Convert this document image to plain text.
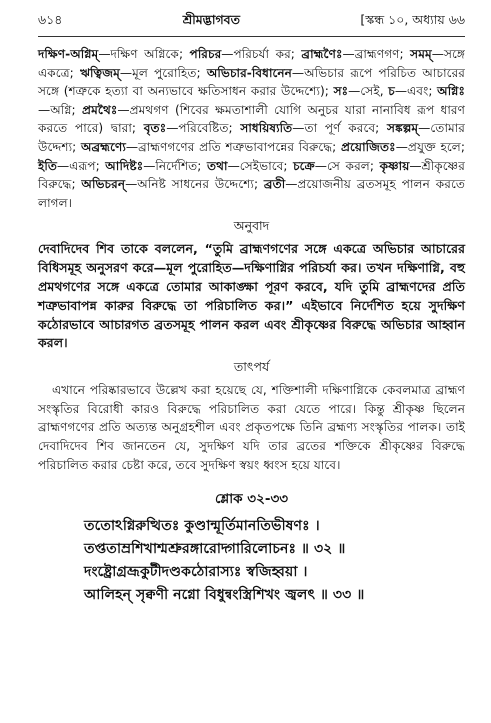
৬১৪	শ্রীমদ্ভাগবত	[স্কন্ধ ১০, অধ্যায় ৬৬
দক্ষিণ-অগ্নিম্—দক্ষিণ অগ্নিকে; পরিচর—পরিচর্যা কর; ব্রাহ্মণৈঃ—ব্রাহ্মণগণ; সমম্—সঙ্গে একত্রে; ঋত্বিজম্—মূল পুরোহিত; অভিচার-বিধানেন—অভিচার রূপে পরিচিত আচারের সঙ্গে (শত্রুকে হত্যা বা অন্যভাবে ক্ষতিসাধন করার উদ্দেশ্যে); সঃ—সেই, চ—এবং; অগ্নিঃ—অগ্নি; প্রমথৈঃ—প্রমথগণ (শিবের ক্ষমতাশালী যোগি অনুচর যারা নানাবিধ রূপ ধারণ করতে পারে) দ্বারা; বৃতঃ—পরিবেষ্টিত; সাধয়িষ্যতি—তা পূর্ণ করবে; সঙ্কল্পম্—তোমার উদ্দেশ্য; অব্রহ্মণ্যে—ব্রাহ্মণগণের প্রতি শত্রুভাবাপন্নের বিরুদ্ধে; প্রয়োজিতঃ—প্রযুক্ত হলে; ইতি—এরূপ; আদিষ্টঃ—নির্দেশিত; তথা—সেইভাবে; চক্রে—সে করল; কৃষ্ণায়—শ্রীকৃষ্ণের বিরুদ্ধে; অভিচরন্—অনিষ্ট সাধনের উদ্দেশ্যে; ব্রতী—প্রয়োজনীয় ব্রতসমূহ পালন করতে লাগল।
অনুবাদ
দেবাদিদেব শিব তাকে বললেন, “তুমি ব্রাহ্মণগণের সঙ্গে একত্রে অভিচার আচারের বিধিসমূহ অনুসরণ করে—মূল পুরোহিত—দক্ষিণাগ্নির পরিচর্যা কর। তখন দক্ষিণাগ্নি, বহু প্রমথগণের সঙ্গে একত্রে তোমার আকাঙ্ক্ষা পূরণ করবে, যদি তুমি ব্রাহ্মণদের প্রতি শত্রুভাবাপন্ন কারুর বিরুদ্ধে তা পরিচালিত কর।” এইভাবে নির্দেশিত হয়ে সুদক্ষিণ কঠোরভাবে আচারগত ব্রতসমূহ পালন করল এবং শ্রীকৃষ্ণের বিরুদ্ধে অভিচার আহ্বান করল।
তাৎপর্য
এখানে পরিষ্কারভাবে উল্লেখ করা হয়েছে যে, শক্তিশালী দক্ষিণাগ্নিকে কেবলমাত্র ব্রাহ্মণ সংস্কৃতির বিরোধী কারও বিরুদ্ধে পরিচালিত করা যেতে পারে। কিন্তু শ্রীকৃষ্ণ ছিলেন ব্রাহ্মণগণের প্রতি অত্যন্ত অনুগ্রহশীল এবং প্রকৃতপক্ষে তিনি ব্রহ্মণ্য সংস্কৃতির পালক। তাই দেবাদিদেব শিব জানতেন যে, সুদক্ষিণ যদি তার ব্রতের শক্তিকে শ্রীকৃষ্ণের বিরুদ্ধে পরিচালিত করার চেষ্টা করে, তবে সুদক্ষিণ স্বয়ং ধ্বংস হয়ে যাবে।
শ্লোক ৩২-৩৩
ততোঽগ্নিরুত্থিতঃ কুণ্ডান্মূর্তিমানতিভীষণঃ ।
তপ্ততাম্রশিখাশ্মশ্রুরঙ্গারোদ্গারিলোচনঃ ॥ ৩২ ॥
দংষ্ট্রোগ্রভ্রূকুটীদণ্ডকঠোরাস্যঃ স্বজিহ্বয়া ।
আলিহন্ সৃক্বণী নগ্নো বিধুন্বংস্ত্রিশিখং জ্বলৎ ॥ ৩৩ ॥
